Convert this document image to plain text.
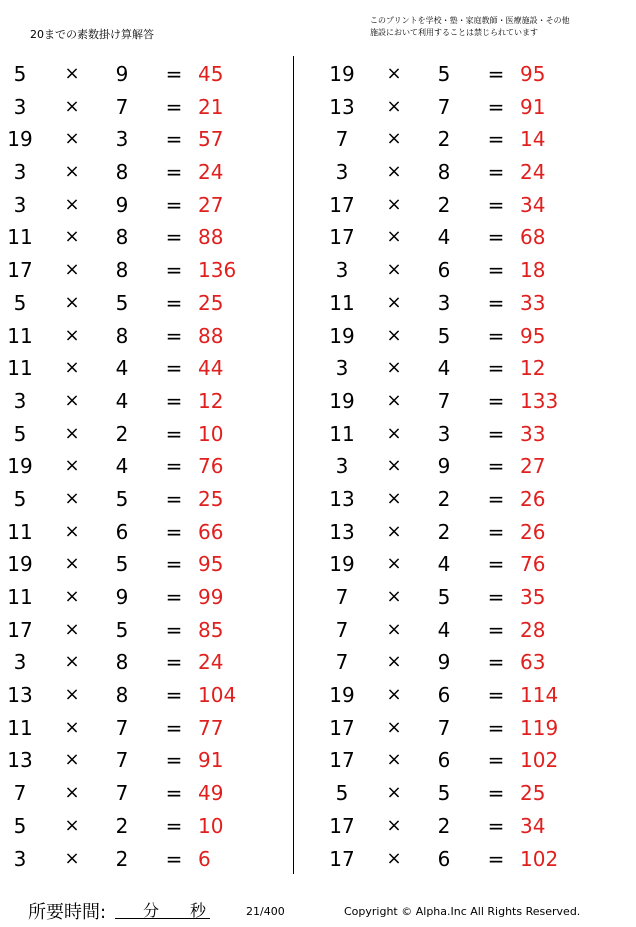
20までの素数掛け算解答
このプリントを学校・塾・家庭教師・医療施設・その他
施設において利用することは禁じられています
5	× 9 = 45
3	× 7 = 21
19 × 3 = 57
3	× 8 = 24
3	× 9 = 27
11 × 8 = 88
17 × 8 = 136
5	× 5 = 25
11 × 8 = 88
11 × 4 = 44
3	× 4 = 12
5	× 2 = 10
19 × 4 = 76
5	× 5 = 25
11 × 6 = 66
19 × 5 = 95
11 × 9 = 99
17 × 5 = 85
3	× 8 = 24
13 × 8 = 104
11 × 7 = 77
13 × 7 = 91
7	× 7 = 49
5	× 2 = 10
3	× 2 = 6
19 × 5 = 95
13 × 7 = 91
7	× 2 = 14
3	× 8 = 24
17 × 2 = 34
17 × 4 = 68
3	× 6 = 18
11 × 3 = 33
19 × 5 = 95
3	× 4 = 12
19 × 7 = 133
11 × 3 = 33
3	× 9 = 27
13 × 2 = 26
13 × 2 = 26
19 × 4 = 76
7	× 5 = 35
7	× 4 = 28
7	× 9 = 63
19 × 6 = 114
17 × 7 = 119
17 × 6 = 102
5	× 5 = 25
17 × 2 = 34
17 × 6 = 102
所要時間: 分 秒	21/400	Copyright © Alpha.Inc All Rights Reserved.
